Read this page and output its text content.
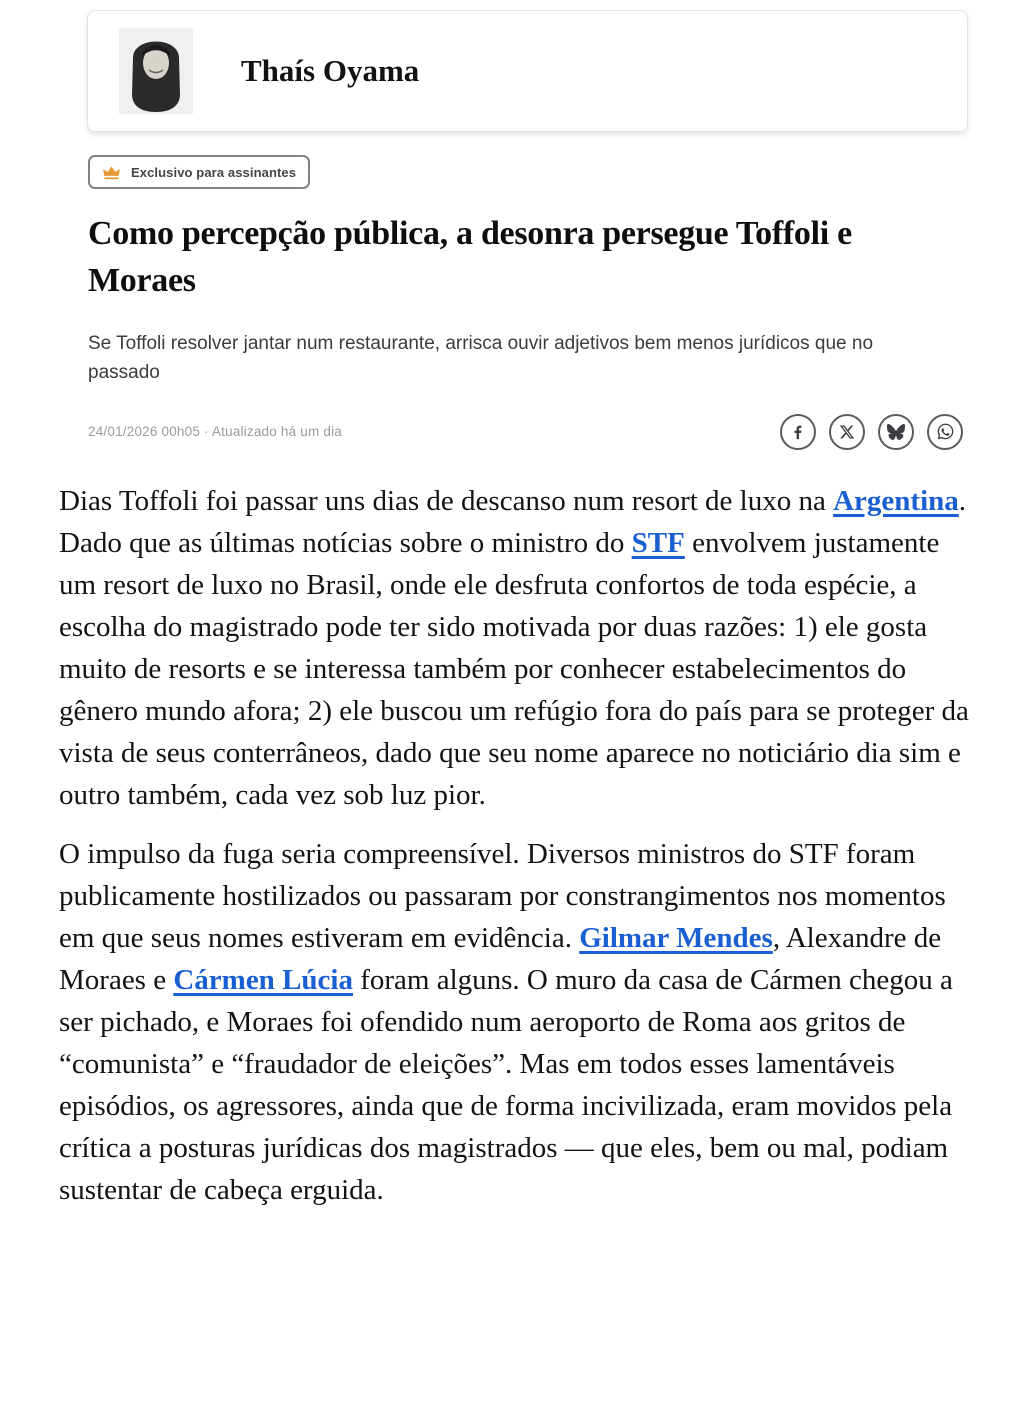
Thaís Oyama
Exclusivo para assinantes
Como percepção pública, a desonra persegue Toffoli e Moraes

Se Toffoli resolver jantar num restaurante, arrisca ouvir adjetivos bem menos jurídicos que no passado

24/01/2026 00h05 · Atualizado há um dia

Dias Toffoli foi passar uns dias de descanso num resort de luxo na Argentina. Dado que as últimas notícias sobre o ministro do STF envolvem justamente um resort de luxo no Brasil, onde ele desfruta confortos de toda espécie, a escolha do magistrado pode ter sido motivada por duas razões: 1) ele gosta muito de resorts e se interessa também por conhecer estabelecimentos do gênero mundo afora; 2) ele buscou um refúgio fora do país para se proteger da vista de seus conterrâneos, dado que seu nome aparece no noticiário dia sim e outro também, cada vez sob luz pior.

O impulso da fuga seria compreensível. Diversos ministros do STF foram publicamente hostilizados ou passaram por constrangimentos nos momentos em que seus nomes estiveram em evidência. Gilmar Mendes, Alexandre de Moraes e Cármen Lúcia foram alguns. O muro da casa de Cármen chegou a ser pichado, e Moraes foi ofendido num aeroporto de Roma aos gritos de “comunista” e “fraudador de eleições”. Mas em todos esses lamentáveis episódios, os agressores, ainda que de forma incivilizada, eram movidos pela crítica a posturas jurídicas dos magistrados — que eles, bem ou mal, podiam sustentar de cabeça erguida.
